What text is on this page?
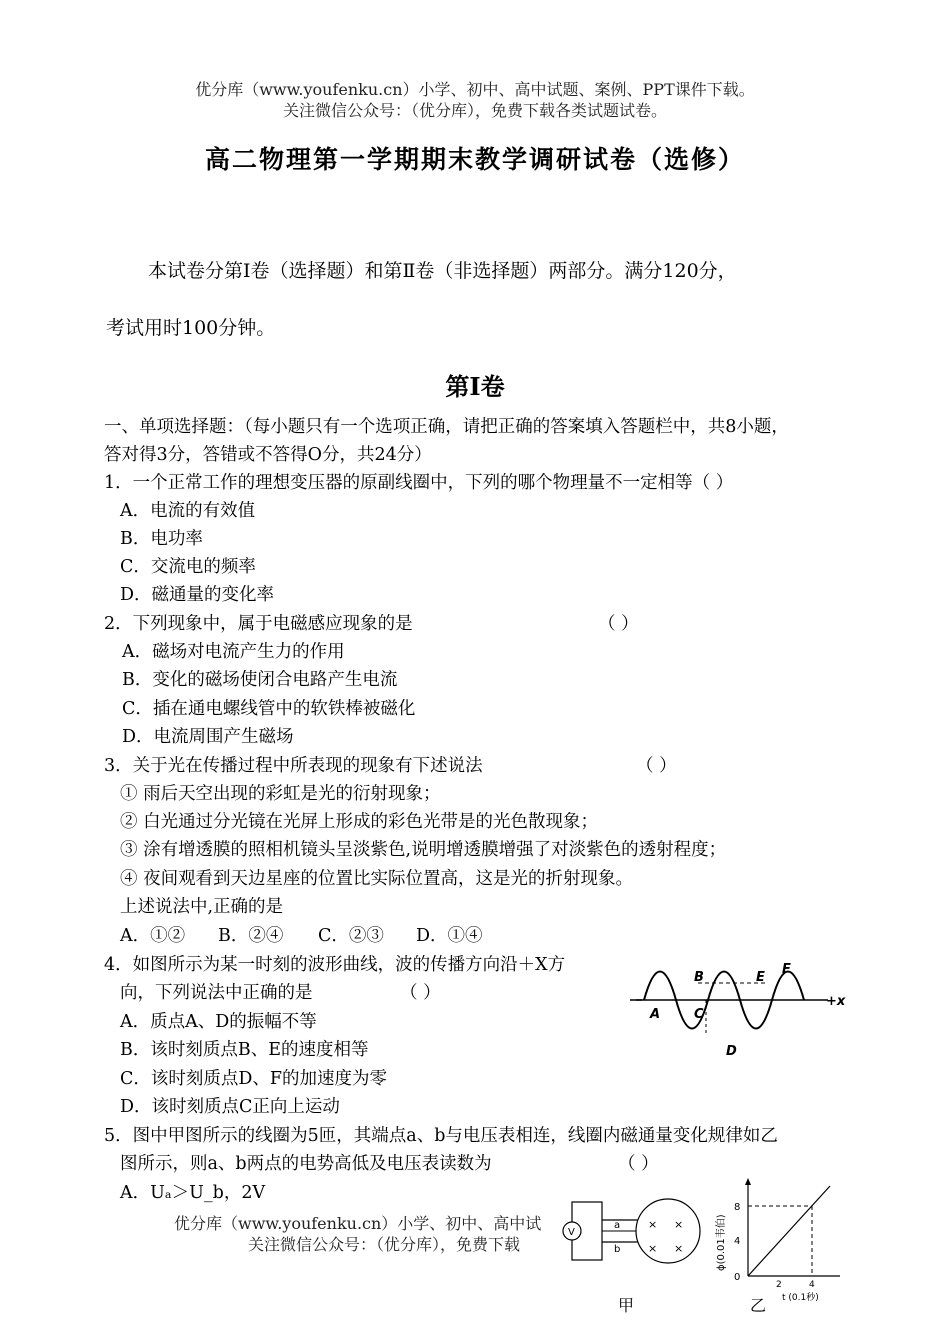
优分库（www.youfenku.cn）小学、初中、高中试题、案例、PPT课件下载。
关注微信公众号：（优分库），免费下载各类试题试卷。
高二物理第一学期期末教学调研试卷（选修）
本试卷分第Ⅰ卷（选择题）和第Ⅱ卷（非选择题）两部分。满分120分，
考试用时100分钟。
第Ⅰ卷
一、单项选择题：（每小题只有一个选项正确，请把正确的答案填入答题栏中，共8小题，
答对得3分，答错或不答得O分，共24分）
1．一个正常工作的理想变压器的原副线圈中，下列的哪个物理量不一定相等（ ）
A．电流的有效值
B．电功率
C．交流电的频率
D．磁通量的变化率
2．下列现象中，属于电磁感应现象的是	（ ）
A．磁场对电流产生力的作用
B．变化的磁场使闭合电路产生电流
C．插在通电螺线管中的软铁棒被磁化
D．电流周围产生磁场
3．关于光在传播过程中所表现的现象有下述说法	（ ）
① 雨后天空出现的彩虹是光的衍射现象；
② 白光通过分光镜在光屏上形成的彩色光带是的光色散现象；
③ 涂有增透膜的照相机镜头呈淡紫色,说明增透膜增强了对淡紫色的透射程度；
④ 夜间观看到天边星座的位置比实际位置高，这是光的折射现象。
上述说法中,正确的是
A．①② B．②④ C．②③ D．①④
4．如图所示为某一时刻的波形曲线，波的传播方向沿＋X方
向，下列说法中正确的是	（ ）
A．质点A、D的振幅不等
B．该时刻质点B、E的速度相等
C．该时刻质点D、F的加速度为零
D．该时刻质点C正向上运动
+x
A
B
C
D
E
F
5．图中甲图所示的线圈为5匝，其端点a、b与电压表相连，线圈内磁通量变化规律如乙
图所示，则a、b两点的电势高低及电压表读数为	（ ）
A．Uₐ＞U_b，2V
优分库（www.youfenku.cn）小学、初中、高中试
关注微信公众号：（优分库），免费下载
V
a
b
× ×
× ×
甲
8
4
0
2	4
t (0.1秒)
ϕ(0.01韦伯)
乙
